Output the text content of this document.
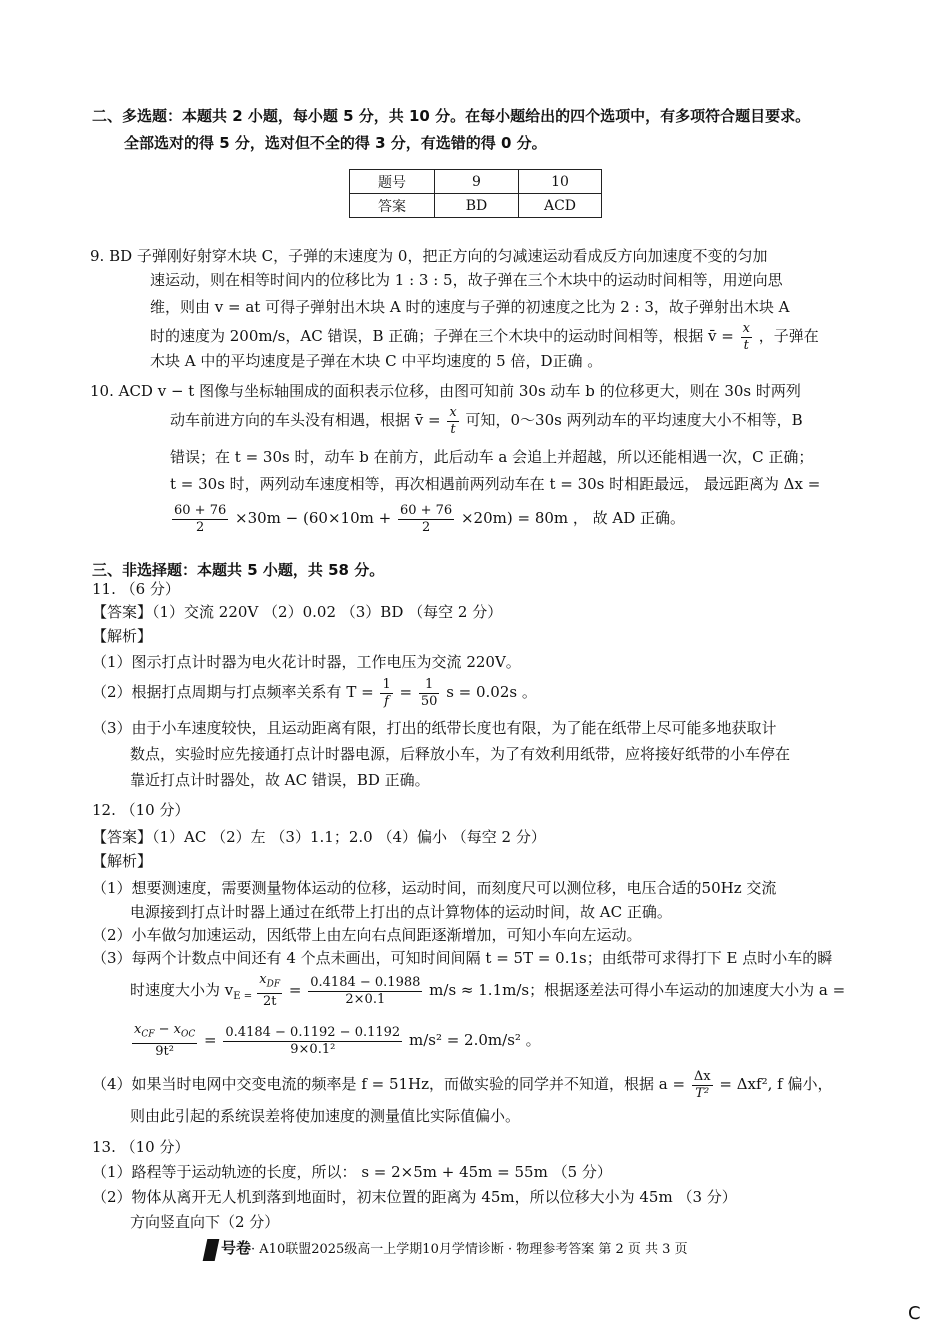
二、多选题：本题共 2 小题，每小题 5 分，共 10 分。在每小题给出的四个选项中，有多项符合题目要求。
全部选对的得 5 分，选对但不全的得 3 分，有选错的得 0 分。
题号	9	10
答案	BD	ACD
9. BD 子弹刚好射穿木块 C，子弹的末速度为 0，把正方向的匀减速运动看成反方向加速度不变的匀加
速运动，则在相等时间内的位移比为 1 : 3 : 5，故子弹在三个木块中的运动时间相等，用逆向思
维，则由 v = at 可得子弹射出木块 A 时的速度与子弹的初速度之比为 2 : 3，故子弹射出木块 A
时的速度为 200m/s，AC 错误，B 正确；子弹在三个木块中的运动时间相等，根据 v̄ = $\frac{x}{t}$ ，子弹在
木块 A 中的平均速度是子弹在木块 C 中平均速度的 5 倍，D正确 。
10. ACD v − t 图像与坐标轴围成的面积表示位移，由图可知前 30s 动车 b 的位移更大，则在 30s 时两列
动车前进方向的车头没有相遇，根据 v̄ = $\frac{x}{t}$ 可知，0～30s 两列动车的平均速度大小不相等，B
错误；在 t = 30s 时，动车 b 在前方，此后动车 a 会追上并超越，所以还能相遇一次，C 正确；
t = 30s 时，两列动车速度相等，再次相遇前两列动车在 t = 30s 时相距最远， 最远距离为 Δx =
$\frac{60 + 76}{2} \times 30m - (60\times 10m + \frac{60 + 76}{2} \times 20m) = 80m$ ， 故 AD 正确。
三、非选择题：本题共 5 小题，共 58 分。
11. （6 分）
【答案】（1）交流 220V （2）0.02 （3）BD （每空 2 分）
【解析】
（1）图示打点计时器为电火花计时器，工作电压为交流 220V。
（2）根据打点周期与打点频率关系有 $T = \frac{1}{f} = \frac{1}{50}$ s = 0.02s 。
（3）由于小车速度较快，且运动距离有限，打出的纸带长度也有限，为了能在纸带上尽可能多地获取计
数点，实验时应先接通打点计时器电源，后释放小车，为了有效利用纸带，应将接好纸带的小车停在
靠近打点计时器处，故 AC 错误，BD 正确。
12. （10 分）
【答案】（1）AC （2）左 （3）1.1；2.0 （4）偏小 （每空 2 分）
【解析】
（1）想要测速度，需要测量物体运动的位移，运动时间，而刻度尺可以测位移，电压合适的50Hz 交流
电源接到打点计时器上通过在纸带上打出的点计算物体的运动时间，故 AC 正确。
（2）小车做匀加速运动，因纸带上由左向右点间距逐渐增加，可知小车向左运动。
（3）每两个计数点中间还有 4 个点未画出，可知时间间隔 t = 5T = 0.1s；由纸带可求得打下 E 点时小车的瞬
时速度大小为 $v_{E =} \frac{x_{DF}}{2t} = \frac{0.4184 - 0.1988}{2\times 0.1} m/s \approx 1.1m/s$；根据逐差法可得小车运动的加速度大小为 a =
$\frac{x_{CF} - x_{OC}}{\text{9t²}} = \frac{0.4184 - 0.1192 - 0.1192}{\text{9×0.1²}} m/s^2 = 2.0m/s^2$ 。
（4）如果当时电网中交变电流的频率是 f = 51Hz，而做实验的同学并不知道，根据 $a = \frac{\Delta x}{\text{T²}} = \Delta xf^2$, f 偏小，
则由此引起的系统误差将使加速度的测量值比实际值偏小。
13. （10 分）
（1）路程等于运动轨迹的长度，所以： s = 2×5m + 45m = 55m （5 分）
（2）物体从离开无人机到落到地面时，初末位置的距离为 45m，所以位移大小为 45m （3 分）
方向竖直向下（2 分）
号卷· A10联盟2025级高一上学期10月学情诊断 · 物理参考答案 第 2 页 共 3 页
C
